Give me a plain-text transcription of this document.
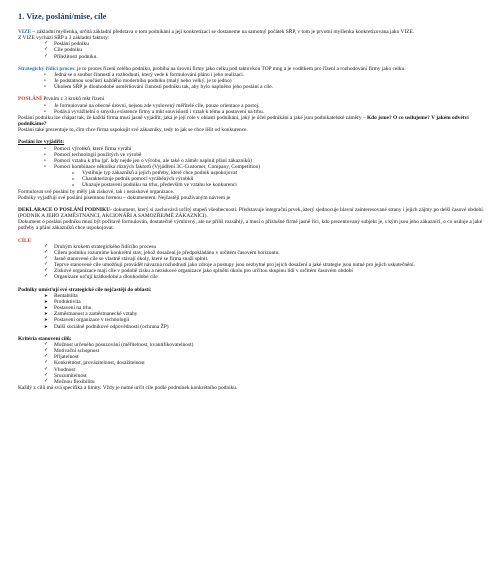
1. Vize, poslání/mise, cíle

VIZE – základní myšlenka, určitá základní představa o tom podnikání a její konkretizaci se dostaneme na samotný počátek SŘP, v tom je prvotní myšlenka konkretizována jako VIZE.

Z VIZE vychází SŘP a 3 základní faktory:

✓ Poslání podniku
✓ Cíle podniku
✓ Přiležitosti podniku.

Strategický řídící proces: je to proces řízení celého podniku, probíhá na úrovni firmy jako celku pod taktovkou TOP mng a je vodítkem pro řízení a rozhodování firmy jako celku.

• Jedná se o soubor činností a rozhodnutí, který vede k formulování plánu i jeho realizaci.
• Je podstatnou součástí každého moderního podniku (malý nebo velký, je to jedno)
• Úkolem SŘP je dlouhodobé usměrňování činnosti podniku tak, aby bylo naplněno jeho poslání a cíle.

POSLÁNÍ Prvním z 3 kroků mkt řízení

• Je formulované na obecné úrovni, nejsou zde vyslovený měřitelé cíle, pouze orientace a postoj.
• Podává vyvážitelní o smyslu existence firmy a mkt souvislosti i vztah k tému a postavení na trhu.

Poslání podniku lze chápat tak, že každá firma musí jasně vyjádřit, jaká je její role v oblasti podnikání, jaký je účel podnikání a jaké jsou podnikatelské záměry – Kdo jsme? O co usilujeme? V jakém odvětví podnikáme?

Poslání také prezentuje to, čím chce firma uspokojit své zákazníky, tedy to jak se chce líšit od konkurence.

Poslání lze vyjádřit:

• Pomocí výrobků, které firma vyrábí
• Pomocí technologií použitých ve výrobě
• Pomocí vztahu k trhu (př. kdy nejde jen o výrobu, ale také o záměr naplnit přání zákazníků)
• Pomocí kombinace několika různých faktorů (Vyjádření 3C-Customer, Company, Competition)
o Vystihuje typ zákazníků a jejich potřeby, které chce podnik uspokojovat
o Charakterizuje podnik pomocí vyráběných výrobků
o Ukazuje postavení podniku na trhu, především ve vztahu ke konkurenci

Formulovat své poslání by měly jak ziskové, tak i neziskové organizace.

Podniky vyjadřují své poslání písemnou formou – dokumentem. Nejčastěji používaným návrem je

DEKLARACE O POSLÁNÍ PODNIKU- dokument, který si zachovává určitý stupeň všeobecnosti. Představuje integrační prvek, který sjednocuje hlavní zainteresované strany i jejich zájmy po delší časové období. (PODNIK A JEHO ZAMĚSTNANCI, AKCIONÁŘI A SAMOZŘEJMĚ ZÁKAZNÍCI).

Dokument o poslání podniku musí být počítavě formulován, dostatečně výmluvný, ale ne příliš rozsáhlý, a musí o příslušné firmě jasně říci, kdo prezentovaný subjekt je, s kým jsou jeho zákazníci, o co usiluje a jaké potřeby a přání zákazníků chce uspokojovat.

CÍLE

✓ Druhým krokem strategického řídícího procesu
✓ Cílem podniku rozumíme konkrétní stav, jehož dosažení je předpokládáno v určitém časovém horizontu.
✓ Jasně stanovené cíle se vlastně stávají úkoly, které se firma snaží splnit.
✓ Teprve stanovené cíle umožňují provádět návazná rozhodnutí jako zdroje a postupy jsou nezbytné pro jejich dosažení a jaké strategie jsou nutné pro jejich uskutečnění.
✓ Ziskové organizace mají cíle v podobě zisku a neziskové organizace jako splnění úkolu pro určitou skupinu lidí v určitém časovém období
✓ Organizace určují krátkodobé a dlouhodobé cíle

Podniky umísťují své strategické cíle nejčastěji do oblastí:

➤ Rentabilita
➤ Produktivita
➤ Postavení na trhu
➤ Zaměstnanost a zaměstnanecké vztahy
➤ Postavení organizace v technologii
➤ Další sociálně podnikové odpovědnosti (ochrana ŽP)

Kritéria stanovení cílů:

✓ Možnost určeného posuzování (měřitelnost, kvantifikovatelnost)
✓ Motivační schopnost
✓ Přijatelnost
✓ Konkrétnost, provázitelnost, dosažitelnost
✓ Vhodnost
✓ Srozumitelnost
✓ Možnou flexibilitu

Každý z cílů má svá specifika a limity. Vždy je nutné určit cíle podle podmínek konkrétního podniku.
